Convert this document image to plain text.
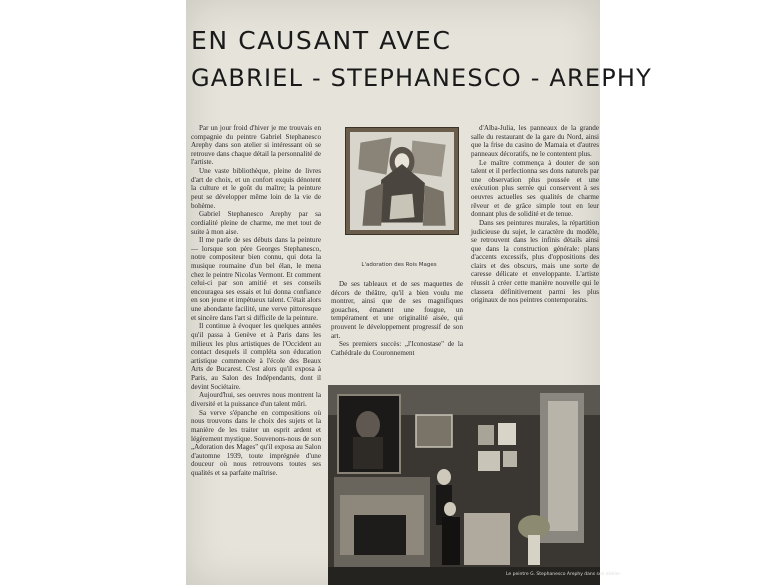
EN CAUSANT AVEC
GABRIEL - STEPHANESCO - AREPHY

Par un jour froid d'hiver je me trouvais en compagnie du peintre Gabriel Stephanesco Arephy dans son atelier si intéressant où se retrouve dans chaque détail la personnalité de l'artiste.

Une vaste bibliothèque, pleine de livres d'art de choix, et un confort exquis dénotent la culture et le goût du maître; la peinture peut se développer même loin de la vie de bohème.

Gabriel Stephanesco Arephy par sa cordialité pleine de charme, me met tout de suite à mon aise.

Il me parle de ses débuts dans la peinture — lorsque son père Georges Stephanesco, notre compositeur bien connu, qui dota la musique roumaine d'un bel élan, le mena chez le peintre Nicolas Vermont. Et comment celui-ci par son amitié et ses conseils encouragea ses essais et lui donna confiance en son jeune et impétueux talent. C'était alors une abondante facilité, une verve pittoresque et sincère dans l'art si difficile de la peinture.

Il continue à évoquer les quelques années qu'il passa à Genève et à Paris dans les milieux les plus artistiques de l'Occident au contact desquels il compléta son éducation artistique commencée à l'école des Beaux Arts de Bucarest. C'est alors qu'il exposa à Paris, au Salon des Indépendants, dont il devint Sociétaire.

Aujourd'hui, ses oeuvres nous montrent la diversité et la puissance d'un talent mûri.

Sa verve s'épanche en compositions où nous trouvons dans le choix des sujets et la manière de les traiter un esprit ardent et légèrement mystique. Souvenons-nous de son „Adoration des Mages" qu'il exposa au Salon d'automne 1939, toute imprégnée d'une douceur où nous retrouvons toutes ses qualités et sa parfaite maîtrise.

L'adoration des Rois Mages

De ses tableaux et de ses maquettes de décors de théâtre, qu'il a bien voulu me montrer, ainsi que de ses magnifiques gouaches, émanent une fougue, un tempérament et une originalité aisée, qui prouvent le développement progressif de son art.

Ses premiers succès: „l'Iconostase" de la Cathédrale du Couronnement

d'Alba-Julia, les panneaux de la grande salle du restaurant de la gare du Nord, ainsi que la frise du casino de Mamaia et d'autres panneaux décoratifs, ne le contentent plus.

Le maître commença à douter de son talent et il perfectionna ses dons naturels par une observation plus poussée et une exécution plus serrée qui conservent à ses oeuvres actuelles ses qualités de charme rêveur et de grâce simple tout en leur donnant plus de solidité et de tenue.

Dans ses peintures murales, la répartition judicieuse du sujet, le caractère du modèle, se retrouvent dans les infinis détails ainsi que dans la construction générale: plans d'accents excessifs, plus d'oppositions des clairs et des obscurs, mais une sorte de caresse délicate et enveloppante. L'artiste réussit à créer cette manière nouvelle qui le classera définitivement parmi les plus originaux de nos peintres contemporains.

Le peintre G. Stephanesco Arephy dans son atelier
